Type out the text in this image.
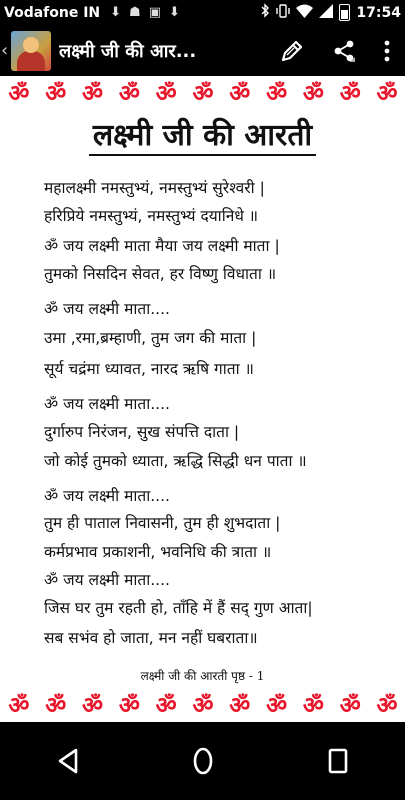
Vodafone IN ⬇ ☗ ▣ ⬇	17:54
‹	लक्ष्मी जी की आर...
ॐ ॐ ॐ ॐ ॐ ॐ ॐ ॐ ॐ ॐ ॐ
लक्ष्मी जी की आरती
महालक्ष्मी नमस्तुभ्यं, नमस्तुभ्यं सुरेश्वरी |
हरिप्रिये नमस्तुभ्यं, नमस्तुभ्यं दयानिधे ॥
ॐ जय लक्ष्मी माता मैया जय लक्ष्मी माता |
तुमको निसदिन सेवत, हर विष्णु विधाता ॥
ॐ जय लक्ष्मी माता....
उमा ,रमा,ब्रम्हाणी, तुम जग की माता |
सूर्य चद्रंमा ध्यावत, नारद ऋषि गाता ॥
ॐ जय लक्ष्मी माता....
दुर्गारुप निरंजन, सुख संपत्ति दाता |
जो कोई तुमको ध्याता, ऋद्धि सिद्धी धन पाता ॥
ॐ जय लक्ष्मी माता....
तुम ही पाताल निवासनी, तुम ही शुभदाता |
कर्मप्रभाव प्रकाशनी, भवनिधि की त्राता ॥
ॐ जय लक्ष्मी माता....
जिस घर तुम रहती हो, ताँहि में हैं सद् गुण आता|
सब सभंव हो जाता, मन नहीं घबराता॥
लक्ष्मी जी की आरती पृष्ठ - 1
ॐ ॐ ॐ ॐ ॐ ॐ ॐ ॐ ॐ ॐ ॐ
